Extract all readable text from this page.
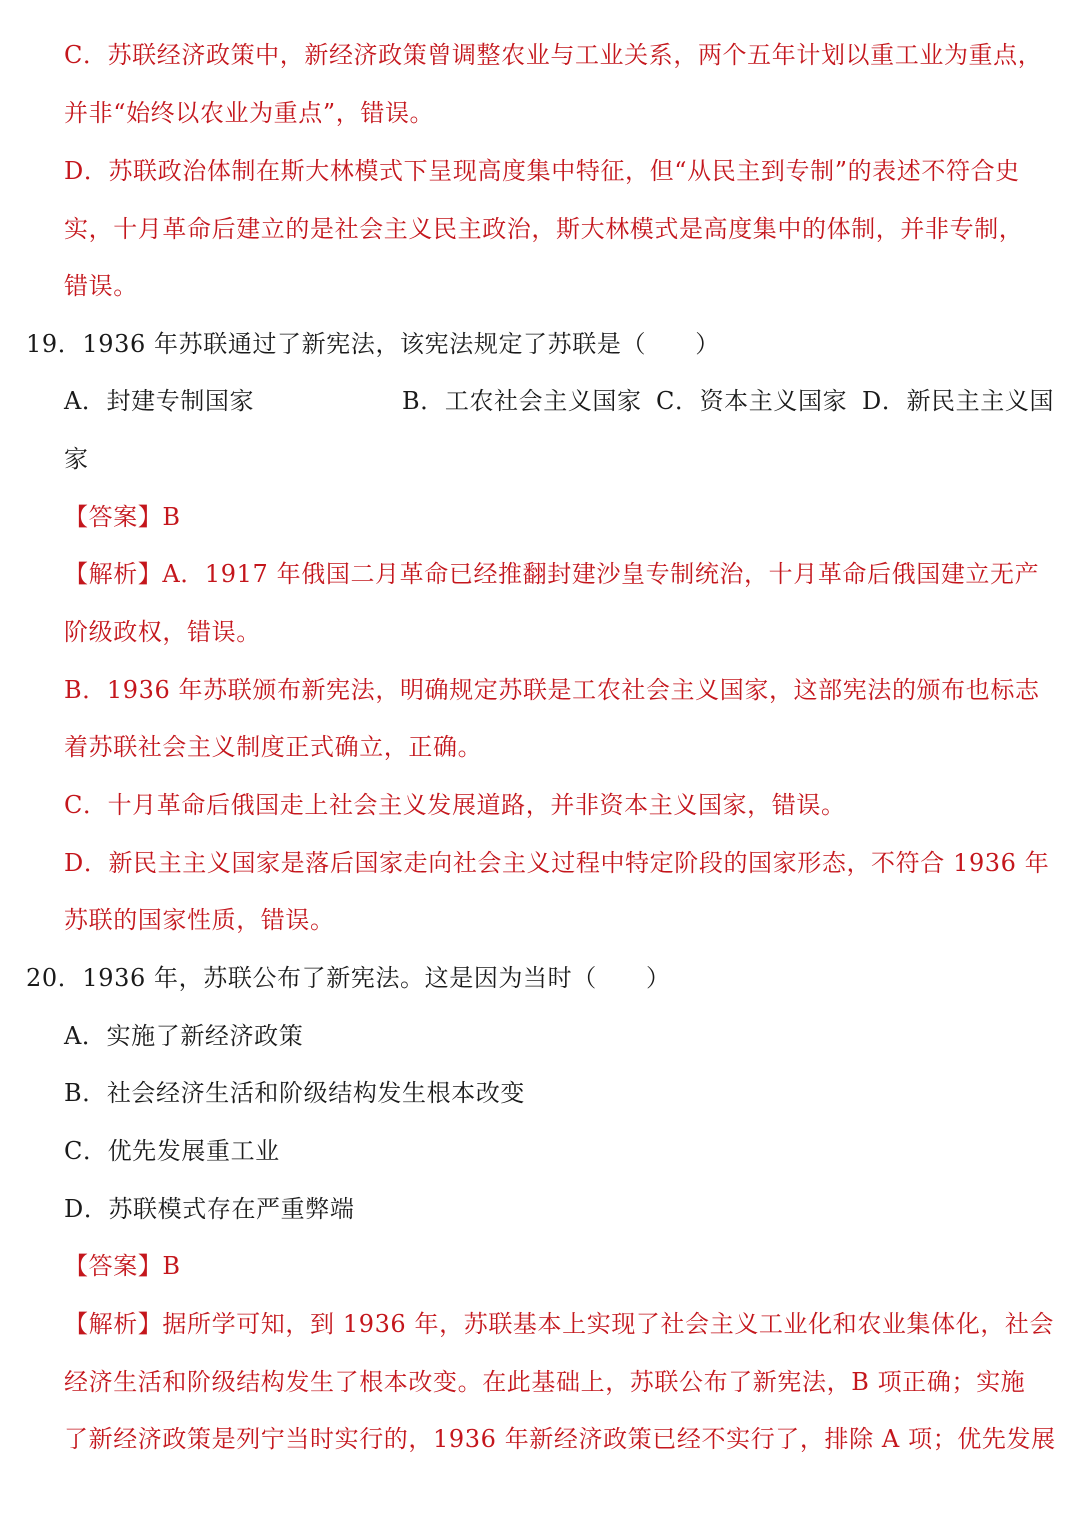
C．苏联经济政策中，新经济政策曾调整农业与工业关系，两个五年计划以重工业为重点，
并非“始终以农业为重点”，错误。
D．苏联政治体制在斯大林模式下呈现高度集中特征，但“从民主到专制”的表述不符合史
实，十月革命后建立的是社会主义民主政治，斯大林模式是高度集中的体制，并非专制，
错误。
19．1936 年苏联通过了新宪法，该宪法规定了苏联是（　　）
A．封建专制国家	B．工农社会主义国家 C．资本主义国家 D．新民主主义国
家
【答案】B
【解析】A．1917 年俄国二月革命已经推翻封建沙皇专制统治，十月革命后俄国建立无产
阶级政权，错误。
B．1936 年苏联颁布新宪法，明确规定苏联是工农社会主义国家，这部宪法的颁布也标志
着苏联社会主义制度正式确立，正确。
C．十月革命后俄国走上社会主义发展道路，并非资本主义国家，错误。
D．新民主主义国家是落后国家走向社会主义过程中特定阶段的国家形态，不符合 1936 年
苏联的国家性质，错误。
20．1936 年，苏联公布了新宪法。这是因为当时（　　）
A．实施了新经济政策
B．社会经济生活和阶级结构发生根本改变
C．优先发展重工业
D．苏联模式存在严重弊端
【答案】B
【解析】据所学可知，到 1936 年，苏联基本上实现了社会主义工业化和农业集体化，社会
经济生活和阶级结构发生了根本改变。在此基础上，苏联公布了新宪法，B 项正确；实施
了新经济政策是列宁当时实行的，1936 年新经济政策已经不实行了，排除 A 项；优先发展
